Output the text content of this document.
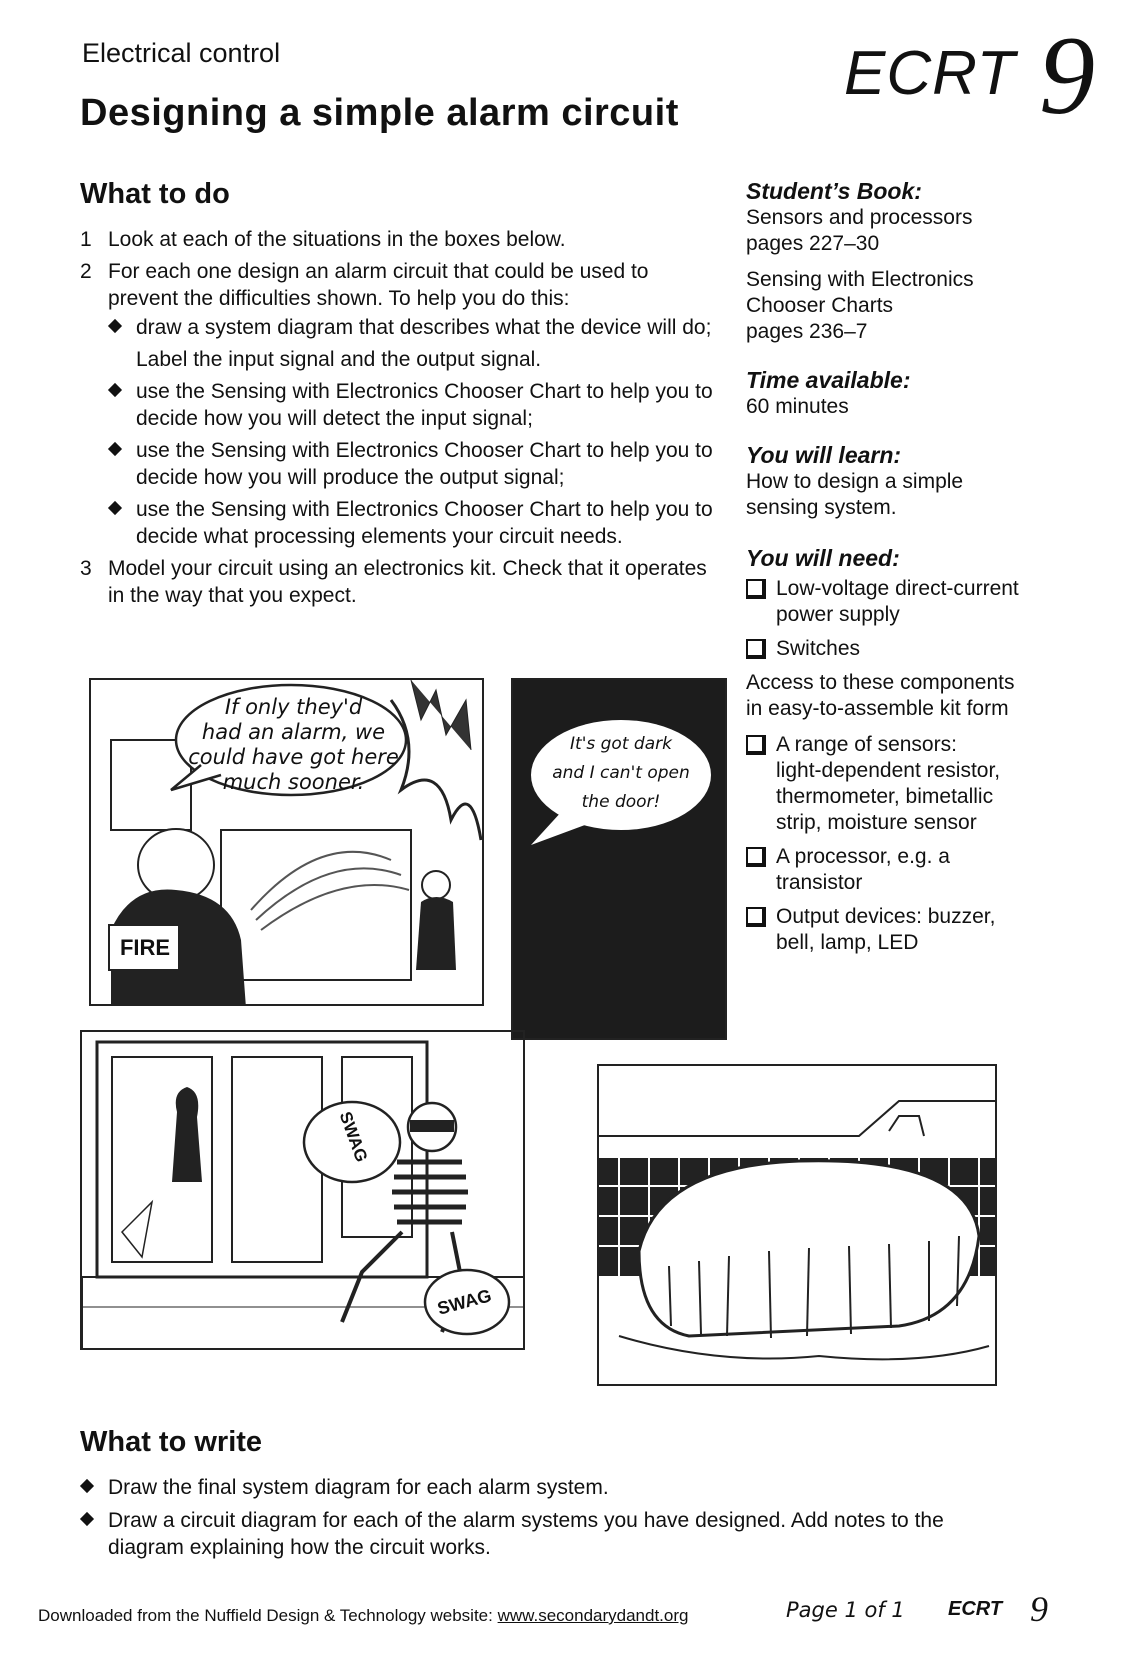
Electrical control
Designing a simple alarm circuit
ECRT 9
What to do
1 Look at each of the situations in the boxes below.
2 For each one design an alarm circuit that could be used to prevent the difficulties shown. To help you do this:
draw a system diagram that describes what the device will do;
Label the input signal and the output signal.
use the Sensing with Electronics Chooser Chart to help you to decide how you will detect the input signal;
use the Sensing with Electronics Chooser Chart to help you to decide how you will produce the output signal;
use the Sensing with Electronics Chooser Chart to help you to decide what processing elements your circuit needs.
3 Model your circuit using an electronics kit. Check that it operates in the way that you expect.
Student’s Book:
Sensors and processors
pages 227–30
Sensing with Electronics
Chooser Charts
pages 236–7
Time available:
60 minutes
You will learn:
How to design a simple
sensing system.
You will need:
Low-voltage direct-current
power supply
Switches
Access to these components
in easy-to-assemble kit form
A range of sensors:
light-dependent resistor,
thermometer, bimetallic
strip, moisture sensor
A processor, e.g. a
transistor
Output devices: buzzer,
bell, lamp, LED
If only they'd
had an alarm, we
could have got here
much sooner.
FIRE
It's got dark
and I can't open
the door!
SWAG
SWAG
What to write
Draw the final system diagram for each alarm system.
Draw a circuit diagram for each of the alarm systems you have designed. Add notes to the diagram explaining how the circuit works.
Downloaded from the Nuffield Design & Technology website: www.secondarydandt.org	Page 1 of 1 ECRT 9
